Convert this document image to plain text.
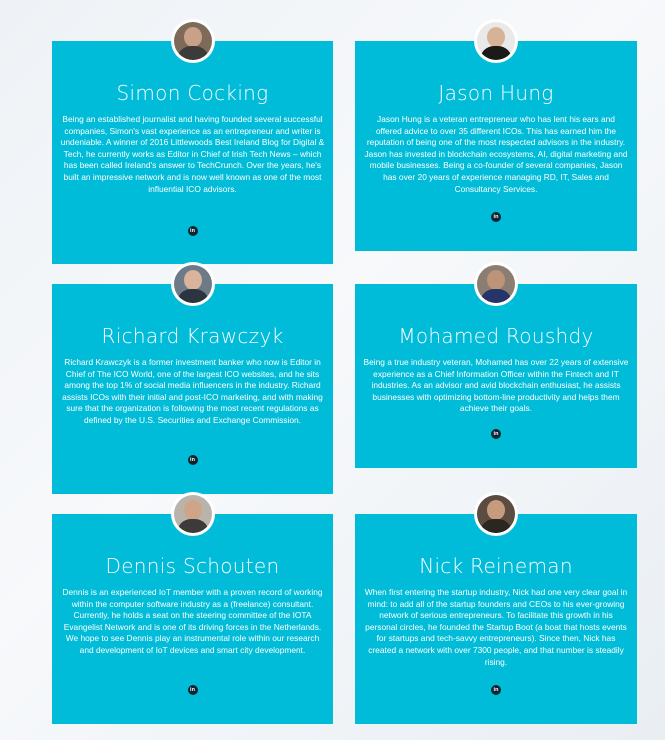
Simon Cocking

Being an established journalist and having founded several successful companies, Simon's vast experience as an entrepreneur and writer is undeniable. A winner of 2016 Littlewoods Best Ireland Blog for Digital & Tech, he currently works as Editor in Chief of Irish Tech News – which has been called Ireland's answer to TechCrunch. Over the years, he's built an impressive network and is now well known as one of the most influential ICO advisors.

in
Jason Hung

Jason Hung is a veteran entrepreneur who has lent his ears and offered advice to over 35 different ICOs. This has earned him the reputation of being one of the most respected advisors in the industry. Jason has invested in blockchain ecosystems, AI, digital marketing and mobile businesses. Being a co-founder of several companies, Jason has over 20 years of experience managing RD, IT, Sales and Consultancy Services.

in
Richard Krawczyk

Richard Krawczyk is a former investment banker who now is Editor in Chief of The ICO World, one of the largest ICO websites, and he sits among the top 1% of social media influencers in the industry. Richard assists ICOs with their initial and post-ICO marketing, and with making sure that the organization is following the most recent regulations as defined by the U.S. Securities and Exchange Commission.

in
Mohamed Roushdy

Being a true industry veteran, Mohamed has over 22 years of extensive experience as a Chief Information Officer within the Fintech and IT industries. As an advisor and avid blockchain enthusiast, he assists businesses with optimizing bottom-line productivity and helps them achieve their goals.

in
Dennis Schouten

Dennis is an experienced IoT member with a proven record of working within the computer software industry as a (freelance) consultant. Currently, he holds a seat on the steering committee of the IOTA Evangelist Network and is one of its driving forces in the Netherlands. We hope to see Dennis play an instrumental role within our research and development of IoT devices and smart city development.

in
Nick Reineman

When first entering the startup industry, Nick had one very clear goal in mind: to add all of the startup founders and CEOs to his ever-growing network of serious entrepreneurs. To facilitate this growth in his personal circles, he founded the Startup Boot (a boat that hosts events for startups and tech-savvy entrepreneurs). Since then, Nick has created a network with over 7300 people, and that number is steadily rising.

in
